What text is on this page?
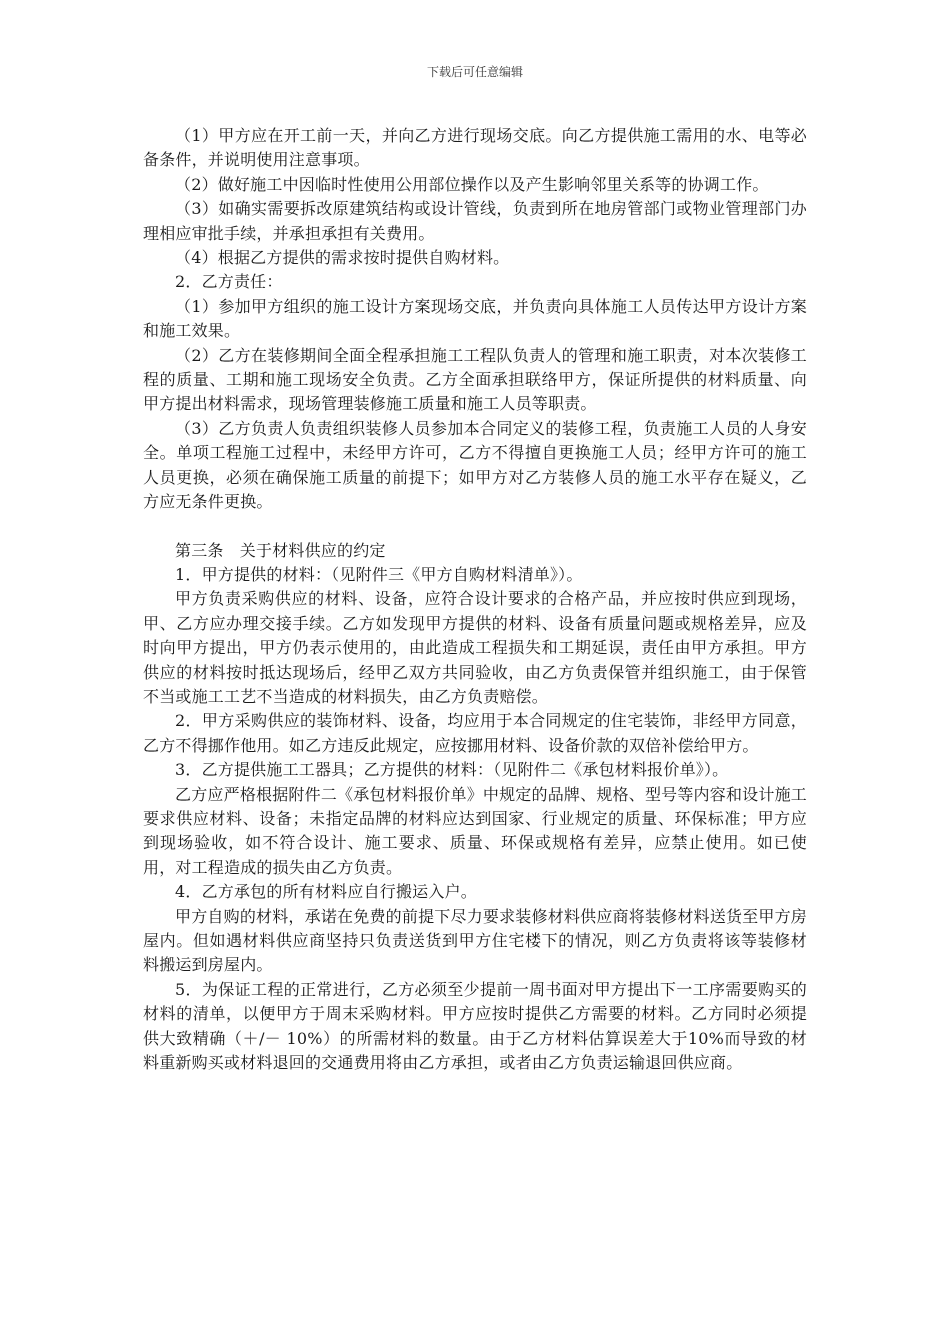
下载后可任意编辑

（1）甲方应在开工前一天，并向乙方进行现场交底。向乙方提供施工需用的水、电等必备条件，并说明使用注意事项。

（2）做好施工中因临时性使用公用部位操作以及产生影响邻里关系等的协调工作。

（3）如确实需要拆改原建筑结构或设计管线，负责到所在地房管部门或物业管理部门办理相应审批手续，并承担承担有关费用。

（4）根据乙方提供的需求按时提供自购材料。

2．乙方责任：

（1）参加甲方组织的施工设计方案现场交底，并负责向具体施工人员传达甲方设计方案和施工效果。

（2）乙方在装修期间全面全程承担施工工程队负责人的管理和施工职责，对本次装修工程的质量、工期和施工现场安全负责。乙方全面承担联络甲方，保证所提供的材料质量、向甲方提出材料需求，现场管理装修施工质量和施工人员等职责。

（3）乙方负责人负责组织装修人员参加本合同定义的装修工程，负责施工人员的人身安全。单项工程施工过程中，未经甲方许可，乙方不得擅自更换施工人员；经甲方许可的施工人员更换，必须在确保施工质量的前提下；如甲方对乙方装修人员的施工水平存在疑义，乙方应无条件更换。

第三条　关于材料供应的约定

1．甲方提供的材料：（见附件三《甲方自购材料清单》）。

甲方负责采购供应的材料、设备，应符合设计要求的合格产品，并应按时供应到现场，甲、乙方应办理交接手续。乙方如发现甲方提供的材料、设备有质量问题或规格差异，应及时向甲方提出，甲方仍表示使用的，由此造成工程损失和工期延误，责任由甲方承担。甲方供应的材料按时抵达现场后，经甲乙双方共同验收，由乙方负责保管并组织施工，由于保管不当或施工工艺不当造成的材料损失，由乙方负责赔偿。

2．甲方采购供应的装饰材料、设备，均应用于本合同规定的住宅装饰，非经甲方同意，乙方不得挪作他用。如乙方违反此规定，应按挪用材料、设备价款的双倍补偿给甲方。

3．乙方提供施工工器具；乙方提供的材料：（见附件二《承包材料报价单》）。

乙方应严格根据附件二《承包材料报价单》中规定的品牌、规格、型号等内容和设计施工要求供应材料、设备；未指定品牌的材料应达到国家、行业规定的质量、环保标准；甲方应到现场验收，如不符合设计、施工要求、质量、环保或规格有差异，应禁止使用。如已使用，对工程造成的损失由乙方负责。

4．乙方承包的所有材料应自行搬运入户。

甲方自购的材料，承诺在免费的前提下尽力要求装修材料供应商将装修材料送货至甲方房屋内。但如遇材料供应商坚持只负责送货到甲方住宅楼下的情况，则乙方负责将该等装修材料搬运到房屋内。

5．为保证工程的正常进行，乙方必须至少提前一周书面对甲方提出下一工序需要购买的材料的清单，以便甲方于周末采购材料。甲方应按时提供乙方需要的材料。乙方同时必须提供大致精确（＋/－ 10%）的所需材料的数量。由于乙方材料估算误差大于10%而导致的材料重新购买或材料退回的交通费用将由乙方承担，或者由乙方负责运输退回供应商。
